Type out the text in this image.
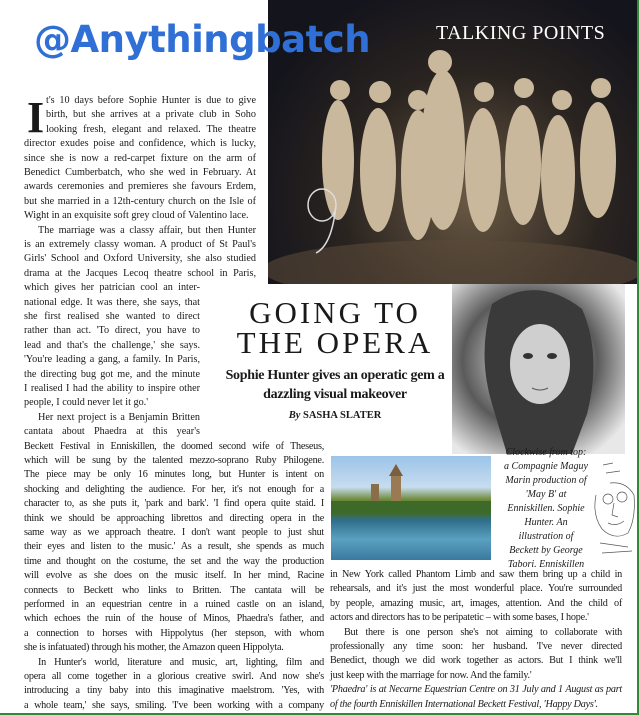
@Anythingbatch	TALKING POINTS
I t's 10 days before Sophie Hunter is due to give
birth, but she arrives at a private club in Soho
looking fresh, elegant and relaxed. The theatre
director exudes poise and confidence, which is lucky,
since she is now a red-carpet fixture on the arm of
Benedict Cumberbatch, who she wed in February. At
awards ceremonies and premieres she favours Erdem,
but she married in a 12th-century church on the Isle of
Wight in an exquisite soft grey cloud of Valentino lace.
The marriage was a classy affair, but then Hunter
is an extremely classy woman. A product of St Paul's
Girls' School and Oxford University, she also studied
drama at the Jacques Lecoq theatre school in Paris,
which gives her patrician cool an inter-
national edge. It was there, she says, that
she first realised she wanted to direct
rather than act. 'To direct, you have to
lead and that's the challenge,' she says.
'You're leading a gang, a family. In Paris,
the directing bug got me, and the minute
I realised I had the ability to inspire other
people, I could never let it go.'
Her next project is a Benjamin Britten
cantata about Phaedra at this year's
Beckett Festival in Enniskillen, the doomed second wife of Theseus,
which will be sung by the talented mezzo-soprano Ruby Philogene.
The piece may be only 16 minutes long, but Hunter is intent on
shocking and delighting the audience. For her, it's not enough for a
character to, as she puts it, 'park and bark'. 'I find opera quite staid. I
think we should be approaching librettos and directing opera in the
same way as we approach theatre. I don't want people to just shut
their eyes and listen to the music.' As a result, she spends as much
time and thought on the costume, the set and the way the production
will evolve as she does on the music itself. In her mind, Racine
connects to Beckett who links to Britten. The cantata will be
performed in an equestrian centre in a ruined castle on an island,
which echoes the ruin of the house of Minos, Phaedra's father, and
a connection to horses with Hippolytus (her stepson, with whom
she is infatuated) through his mother, the Amazon queen Hippolyta.
In Hunter's world, literature and music, art, lighting, film and
opera all come together in a glorious creative swirl. And now she's
introducing a tiny baby into this imaginative maelstrom. 'Yes, with
a whole team,' she says, smiling. 'I've been working with a company
in New York called Phantom Limb and saw them bring up a child in
rehearsals, and it's just the most wonderful place. You're surrounded
by people, amazing music, art, images, attention. And the child of
actors and directors has to be peripatetic – with some bases, I hope.'
But there is one person she's not aiming to collaborate with
professionally any time soon: her husband. 'I've never directed
Benedict, though we did work together as actors. But I think we'll
just keep with the marriage for now. And the family.'
'Phaedra' is at Necarne Equestrian Centre on 31 July and 1 August as part
of the fourth Enniskillen International Beckett Festival, 'Happy Days'.
GOING TO
THE OPERA
Sophie Hunter gives an operatic gem a dazzling visual makeover
By SASHA SLATER
Clockwise from top: a Compagnie Maguy Marin production of 'May B' at Enniskillen. Sophie Hunter. An illustration of Beckett by George Tabori. Enniskillen
